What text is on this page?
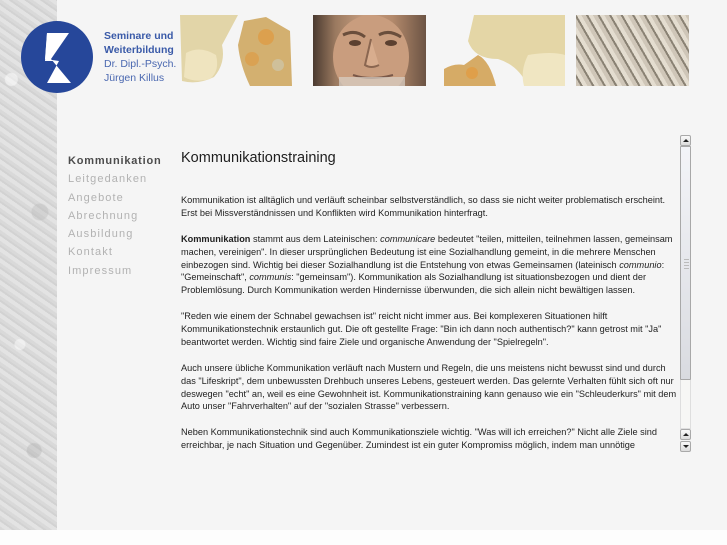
Seminare und
Weiterbildung
Dr. Dipl.-Psych.
Jürgen Killus
Kommunikation
Leitgedanken
Angebote
Abrechnung
Ausbildung
Kontakt
Impressum
Kommunikationstraining

Kommunikation ist alltäglich und verläuft scheinbar selbstverständlich, so dass sie nicht weiter problematisch erscheint. Erst bei Missverständnissen und Konflikten wird Kommunikation hinterfragt.

Kommunikation stammt aus dem Lateinischen: communicare bedeutet "teilen, mitteilen, teilnehmen lassen, gemeinsam machen, vereinigen". In dieser ursprünglichen Bedeutung ist eine Sozialhandlung gemeint, in die mehrere Menschen einbezogen sind. Wichtig bei dieser Sozialhandlung ist die Entstehung von etwas Gemeinsamen (lateinisch communio: "Gemeinschaft", communis: "gemeinsam"). Kommunikation als Sozialhandlung ist situationsbezogen und dient der Problemlösung. Durch Kommunikation werden Hindernisse überwunden, die sich allein nicht bewältigen lassen.

"Reden wie einem der Schnabel gewachsen ist" reicht nicht immer aus. Bei komplexeren Situationen hilft Kommunikationstechnik erstaunlich gut. Die oft gestellte Frage: "Bin ich dann noch authentisch?" kann getrost mit "Ja" beantwortet werden. Wichtig sind faire Ziele und organische Anwendung der "Spielregeln".

Auch unsere übliche Kommunikation verläuft nach Mustern und Regeln, die uns meistens nicht bewusst sind und durch das "Lifeskript", dem unbewussten Drehbuch unseres Lebens, gesteuert werden. Das gelernte Verhalten fühlt sich oft nur deswegen "echt" an, weil es eine Gewohnheit ist. Kommunikationstraining kann genauso wie ein "Schleuderkurs" mit dem Auto unser "Fahrverhalten" auf der "sozialen Strasse" verbessern.

Neben Kommunikationstechnik sind auch Kommunikationsziele wichtig. "Was will ich erreichen?" Nicht alle Ziele sind erreichbar, je nach Situation und Gegenüber. Zumindest ist ein guter Kompromiss möglich, indem man unnötige
